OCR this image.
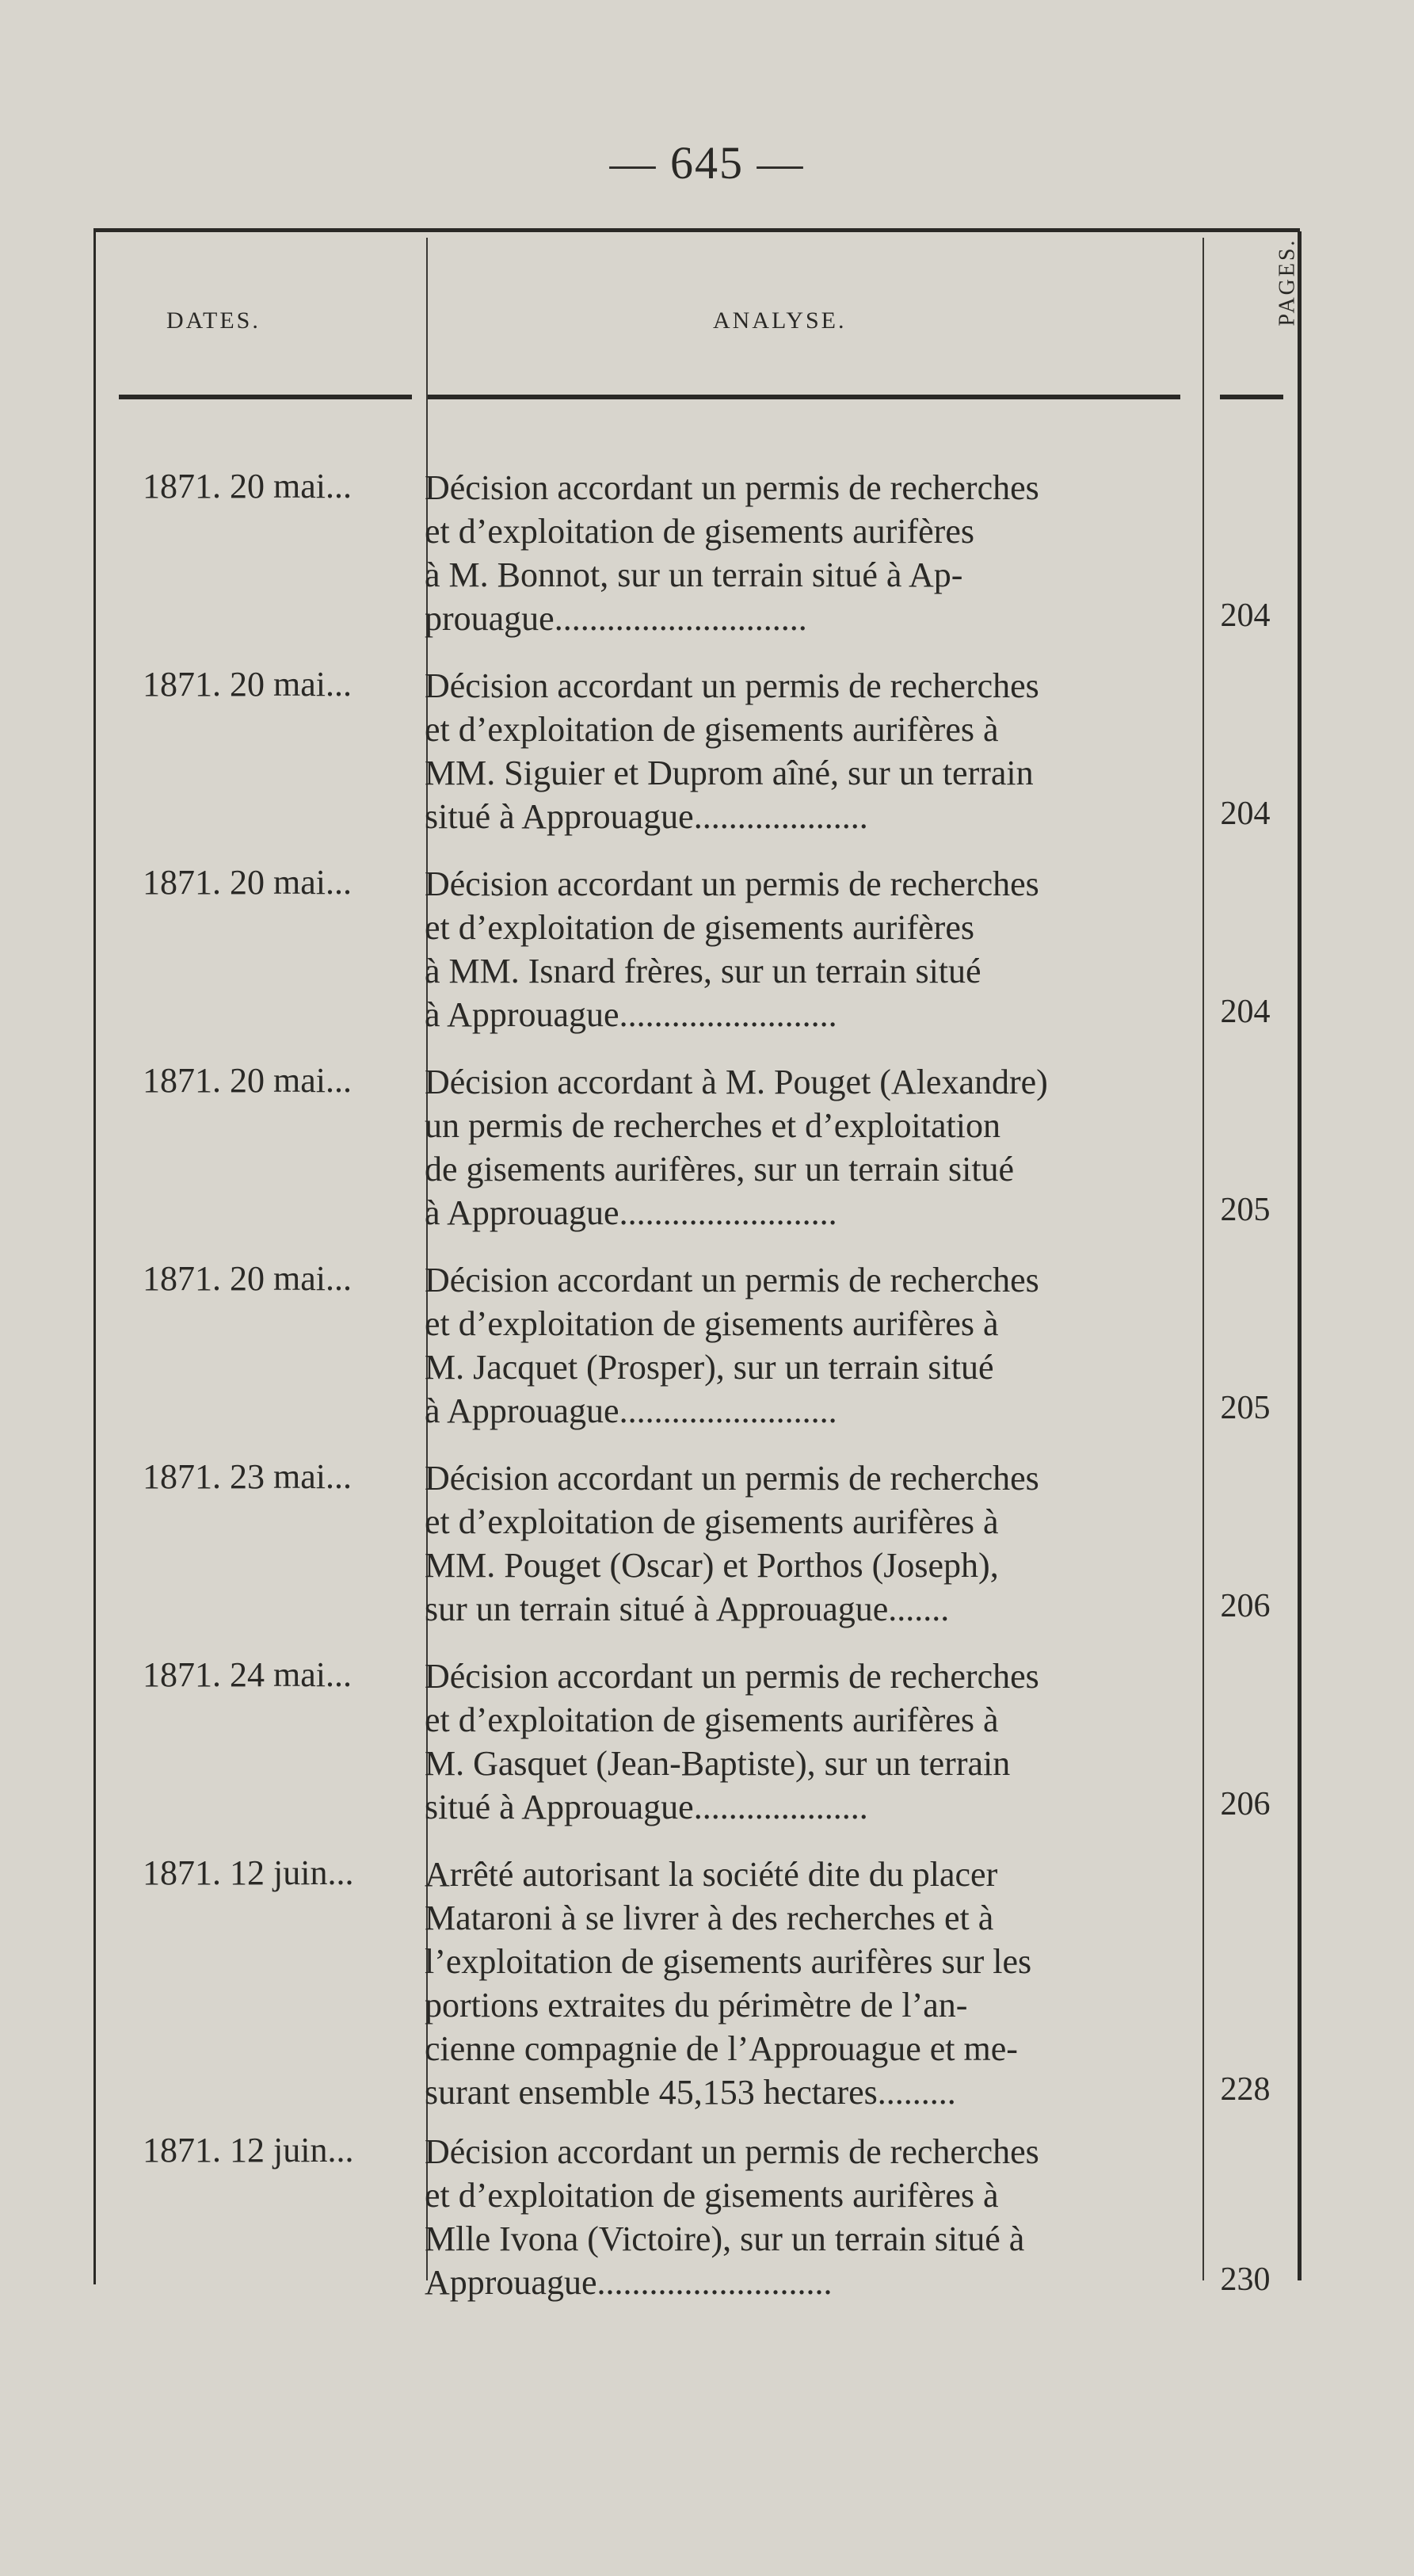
— 645 —
DATES.	ANALYSE.	PAGES.
1871. 20 mai... Décision accordant un permis de recherches
et d’exploitation de gisements aurifères
à M. Bonnot, sur un terrain situé à Ap-
prouague.............................	204
1871. 20 mai... Décision accordant un permis de recherches
et d’exploitation de gisements aurifères à
MM. Siguier et Duprom aîné, sur un terrain
situé à Approuague....................	204
1871. 20 mai... Décision accordant un permis de recherches
et d’exploitation de gisements aurifères
à MM. Isnard frères, sur un terrain situé
à Approuague.........................	204
1871. 20 mai... Décision accordant à M. Pouget (Alexandre)
un permis de recherches et d’exploitation
de gisements aurifères, sur un terrain situé
à Approuague.........................	205
1871. 20 mai... Décision accordant un permis de recherches
et d’exploitation de gisements aurifères à
M. Jacquet (Prosper), sur un terrain situé
à Approuague.........................	205
1871. 23 mai... Décision accordant un permis de recherches
et d’exploitation de gisements aurifères à
MM. Pouget (Oscar) et Porthos (Joseph),
sur un terrain situé à Approuague.......	206
1871. 24 mai... Décision accordant un permis de recherches
et d’exploitation de gisements aurifères à
M. Gasquet (Jean-Baptiste), sur un terrain
situé à Approuague....................	206
1871. 12 juin... Arrêté autorisant la société dite du placer
Mataroni à se livrer à des recherches et à
l’exploitation de gisements aurifères sur les
portions extraites du périmètre de l’an-
cienne compagnie de l’Approuague et me-
surant ensemble 45,153 hectares.........	228
1871. 12 juin... Décision accordant un permis de recherches
et d’exploitation de gisements aurifères à
Mlle Ivona (Victoire), sur un terrain situé à
Approuague...........................	230
